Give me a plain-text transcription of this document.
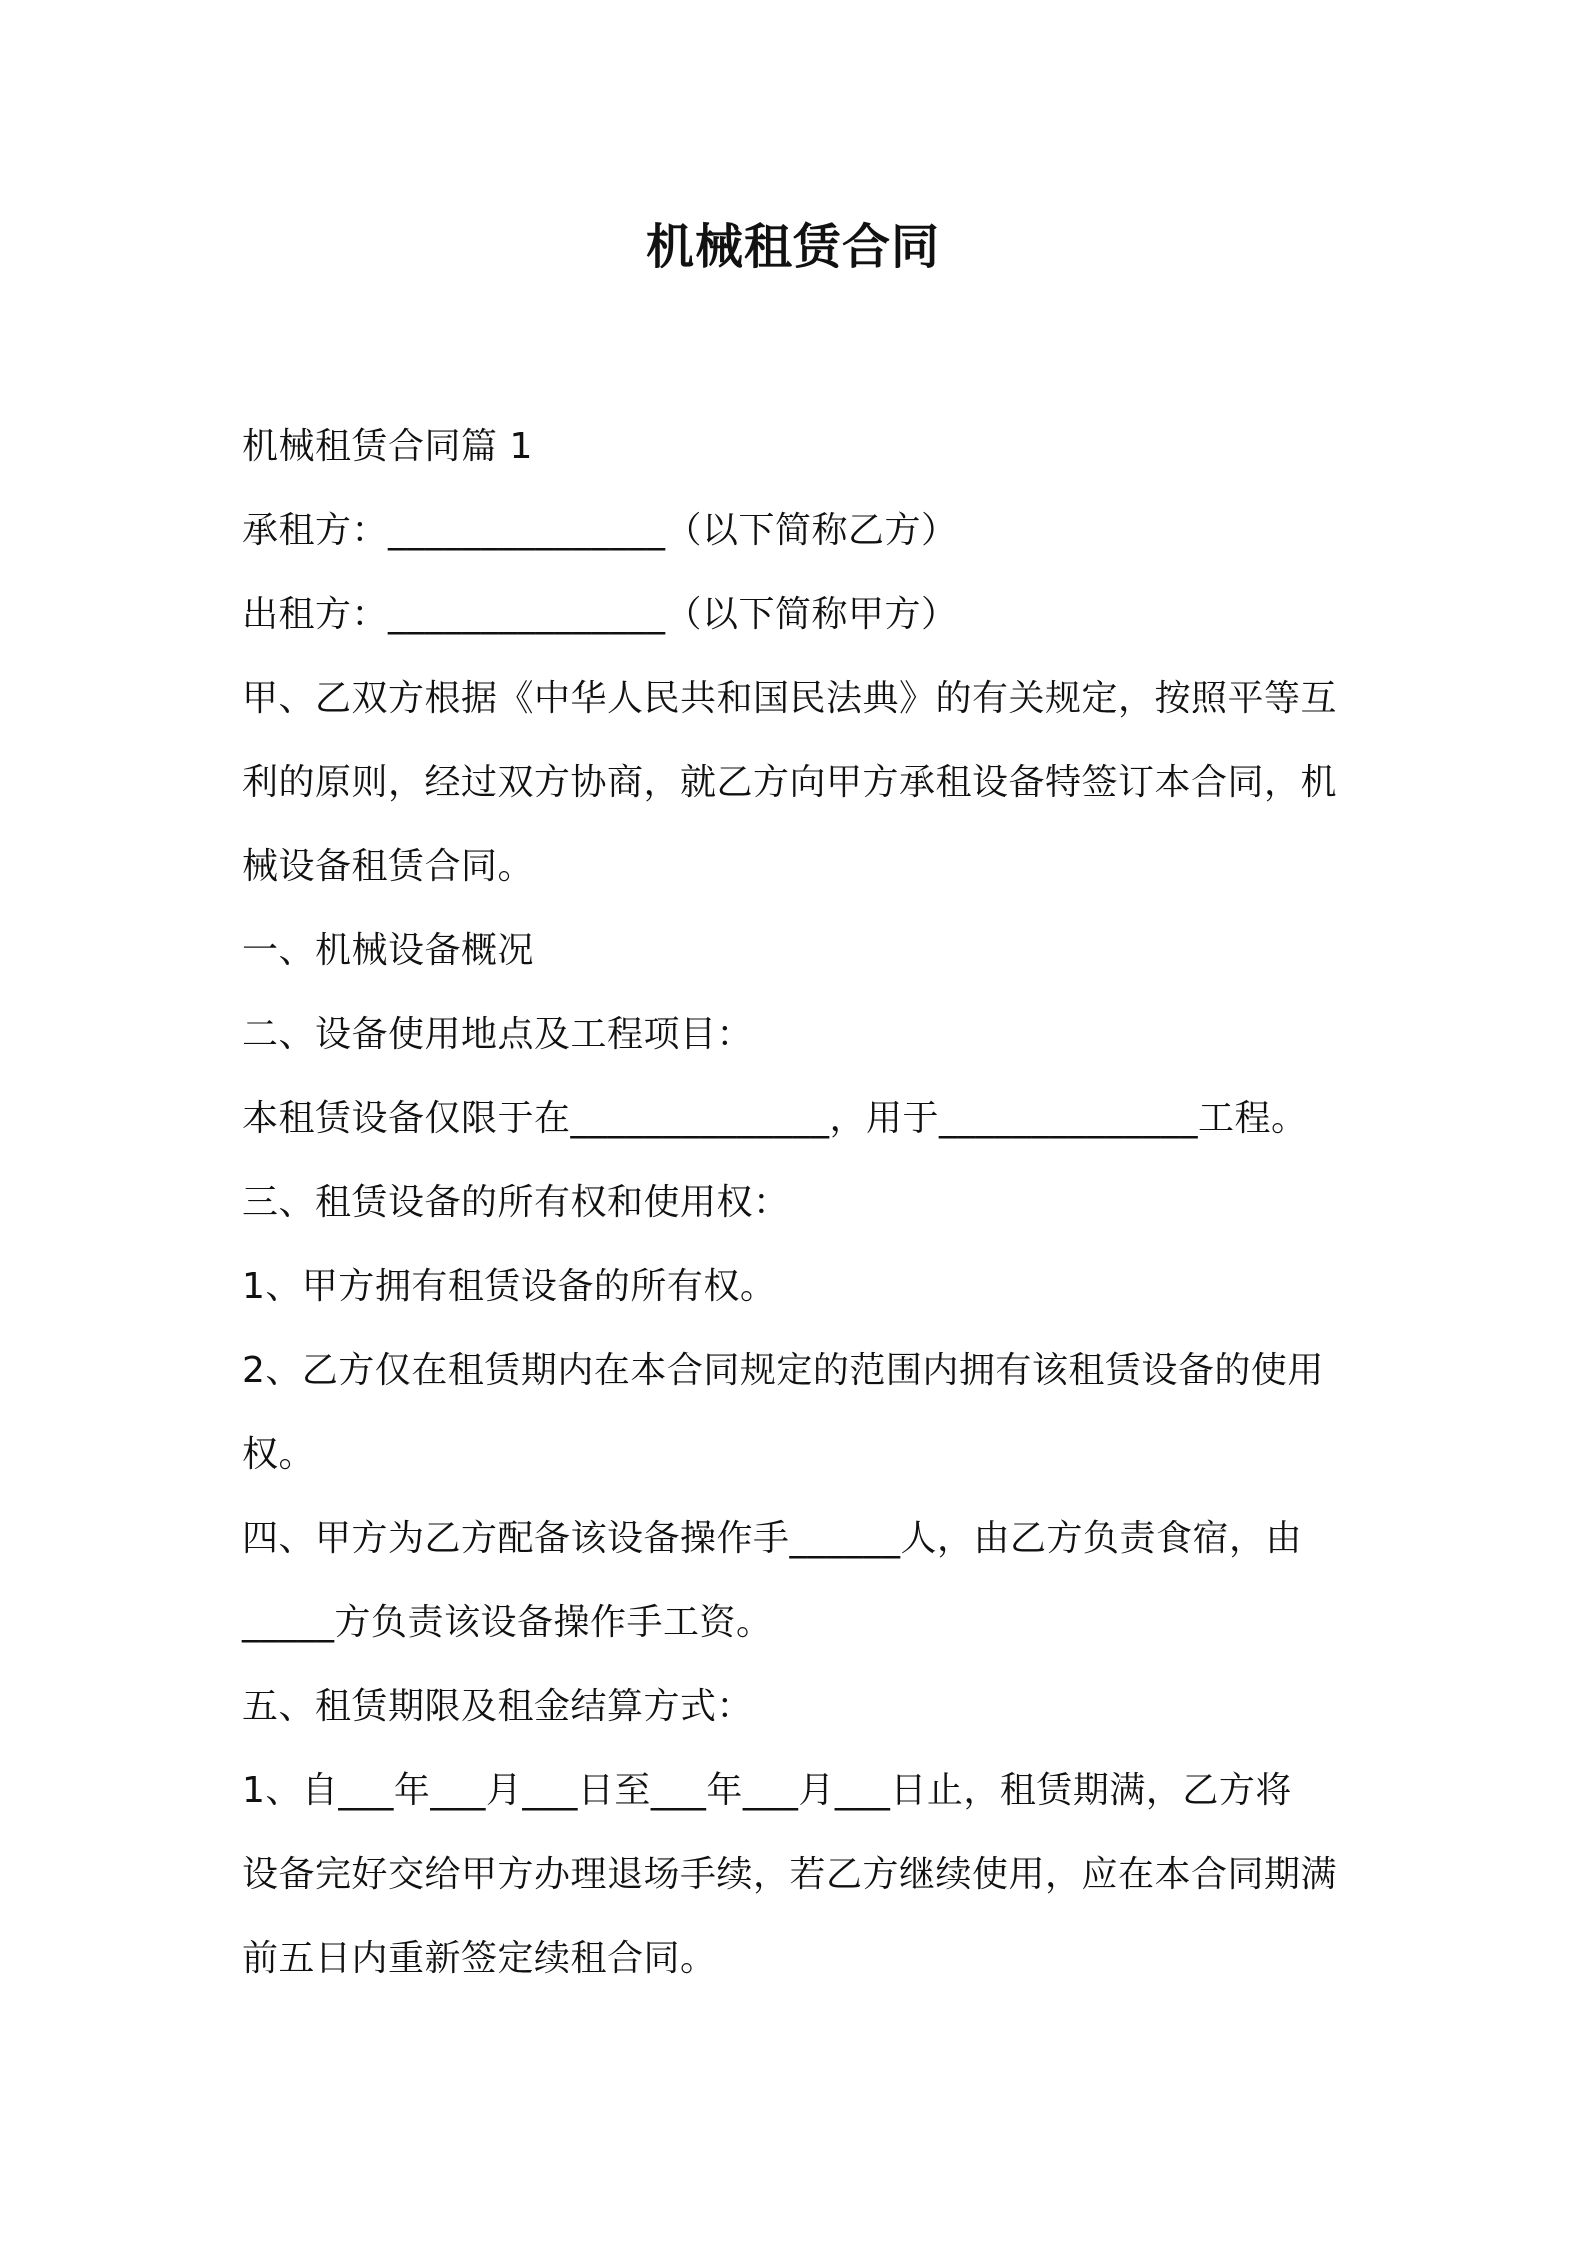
机械租赁合同
机械租赁合同篇 1
承租方：_______________（以下简称乙方）
出租方：_______________（以下简称甲方）
甲、乙双方根据《中华人民共和国民法典》的有关规定，按照平等互
利的原则，经过双方协商，就乙方向甲方承租设备特签订本合同，机
械设备租赁合同。
一、机械设备概况
二、设备使用地点及工程项目：
本租赁设备仅限于在______________，用于______________工程。
三、租赁设备的所有权和使用权：
1、甲方拥有租赁设备的所有权。
2、乙方仅在租赁期内在本合同规定的范围内拥有该租赁设备的使用
权。
四、甲方为乙方配备该设备操作手______人，由乙方负责食宿，由
_____方负责该设备操作手工资。
五、租赁期限及租金结算方式：
1、自___年___月___日至___年___月___日止，租赁期满，乙方将
设备完好交给甲方办理退场手续，若乙方继续使用，应在本合同期满
前五日内重新签定续租合同。
